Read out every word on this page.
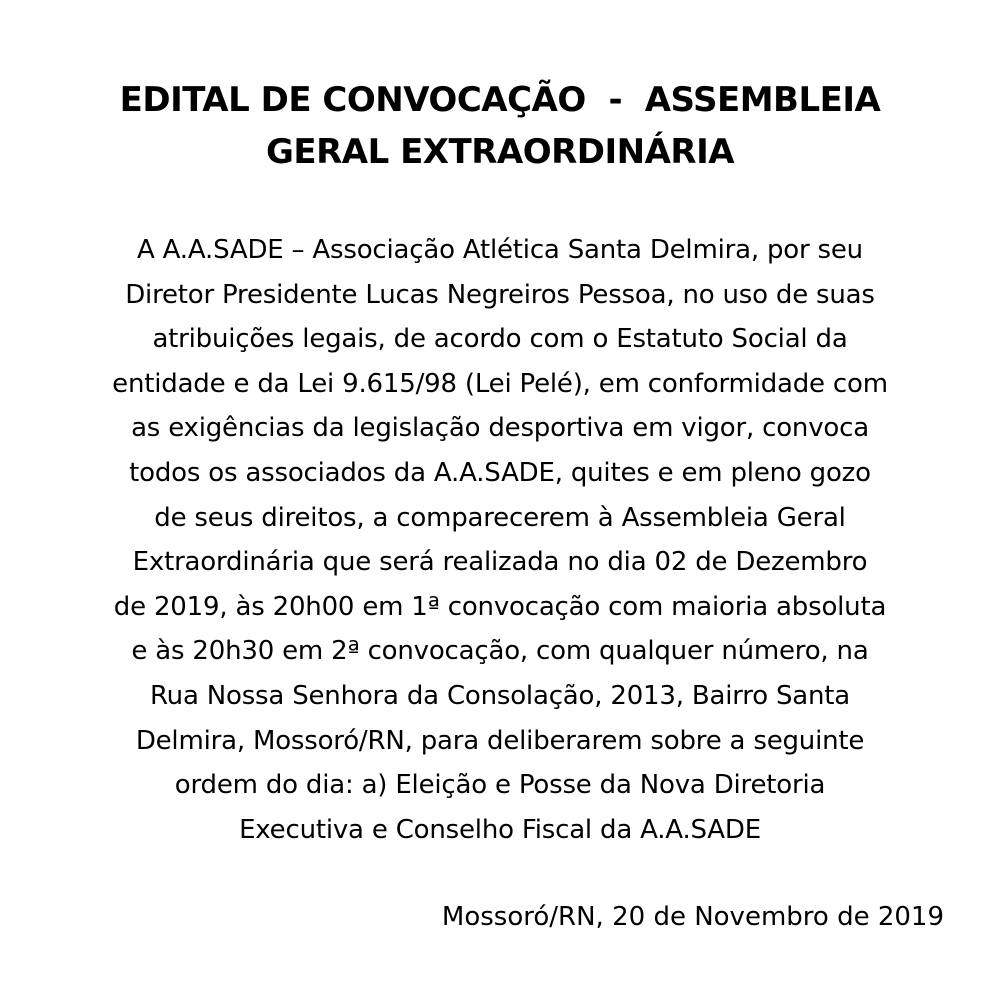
EDITAL DE CONVOCAÇÃO  -  ASSEMBLEIA
GERAL EXTRAORDINÁRIA
A A.A.SADE – Associação Atlética Santa Delmira, por seu
Diretor Presidente Lucas Negreiros Pessoa, no uso de suas
atribuições legais, de acordo com o Estatuto Social da
entidade e da Lei 9.615/98 (Lei Pelé), em conformidade com
as exigências da legislação desportiva em vigor, convoca
todos os associados da A.A.SADE, quites e em pleno gozo
de seus direitos, a comparecerem à Assembleia Geral
Extraordinária que será realizada no dia 02 de Dezembro
de 2019, às 20h00 em 1ª convocação com maioria absoluta
e às 20h30 em 2ª convocação, com qualquer número, na
Rua Nossa Senhora da Consolação, 2013, Bairro Santa
Delmira, Mossoró/RN, para deliberarem sobre a seguinte
ordem do dia: a) Eleição e Posse da Nova Diretoria
Executiva e Conselho Fiscal da A.A.SADE

Mossoró/RN, 20 de Novembro de 2019
